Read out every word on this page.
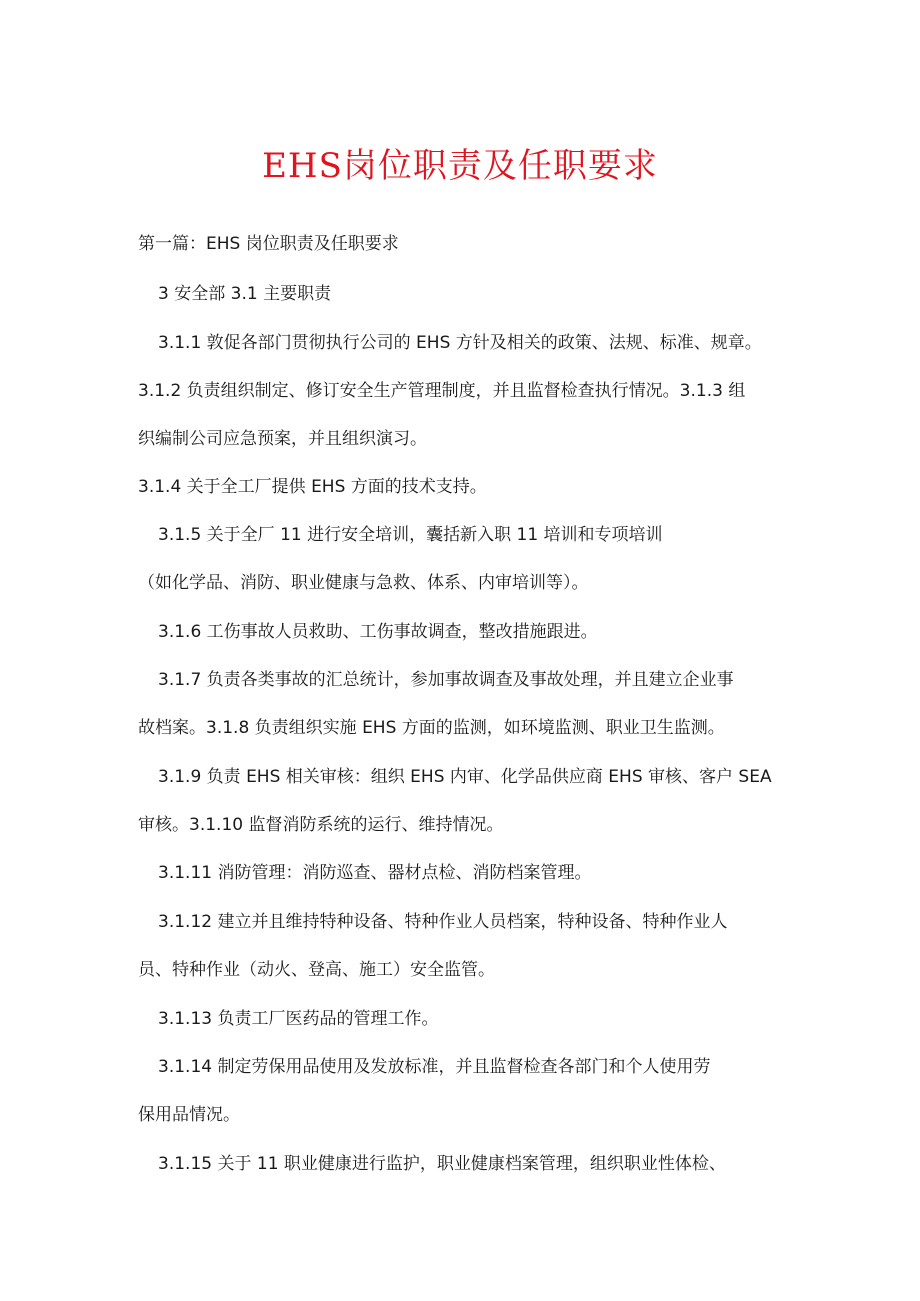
EHS岗位职责及任职要求
第一篇：EHS 岗位职责及任职要求
3 安全部 3.1 主要职责
3.1.1 敦促各部门贯彻执行公司的 EHS 方针及相关的政策、法规、标准、规章。
3.1.2 负责组织制定、修订安全生产管理制度，并且监督检查执行情况。3.1.3 组
织编制公司应急预案，并且组织演习。
3.1.4 关于全工厂提供 EHS 方面的技术支持。
3.1.5 关于全厂 11 进行安全培训，囊括新入职 11 培训和专项培训
（如化学品、消防、职业健康与急救、体系、内审培训等）。
3.1.6 工伤事故人员救助、工伤事故调查，整改措施跟进。
3.1.7 负责各类事故的汇总统计，参加事故调查及事故处理，并且建立企业事
故档案。3.1.8 负责组织实施 EHS 方面的监测，如环境监测、职业卫生监测。
3.1.9 负责 EHS 相关审核：组织 EHS 内审、化学品供应商 EHS 审核、客户 SEA
审核。3.1.10 监督消防系统的运行、维持情况。
3.1.11 消防管理：消防巡查、器材点检、消防档案管理。
3.1.12 建立并且维持特种设备、特种作业人员档案，特种设备、特种作业人
员、特种作业（动火、登高、施工）安全监管。
3.1.13 负责工厂医药品的管理工作。
3.1.14 制定劳保用品使用及发放标准，并且监督检查各部门和个人使用劳
保用品情况。
3.1.15 关于 11 职业健康进行监护，职业健康档案管理，组织职业性体检、
